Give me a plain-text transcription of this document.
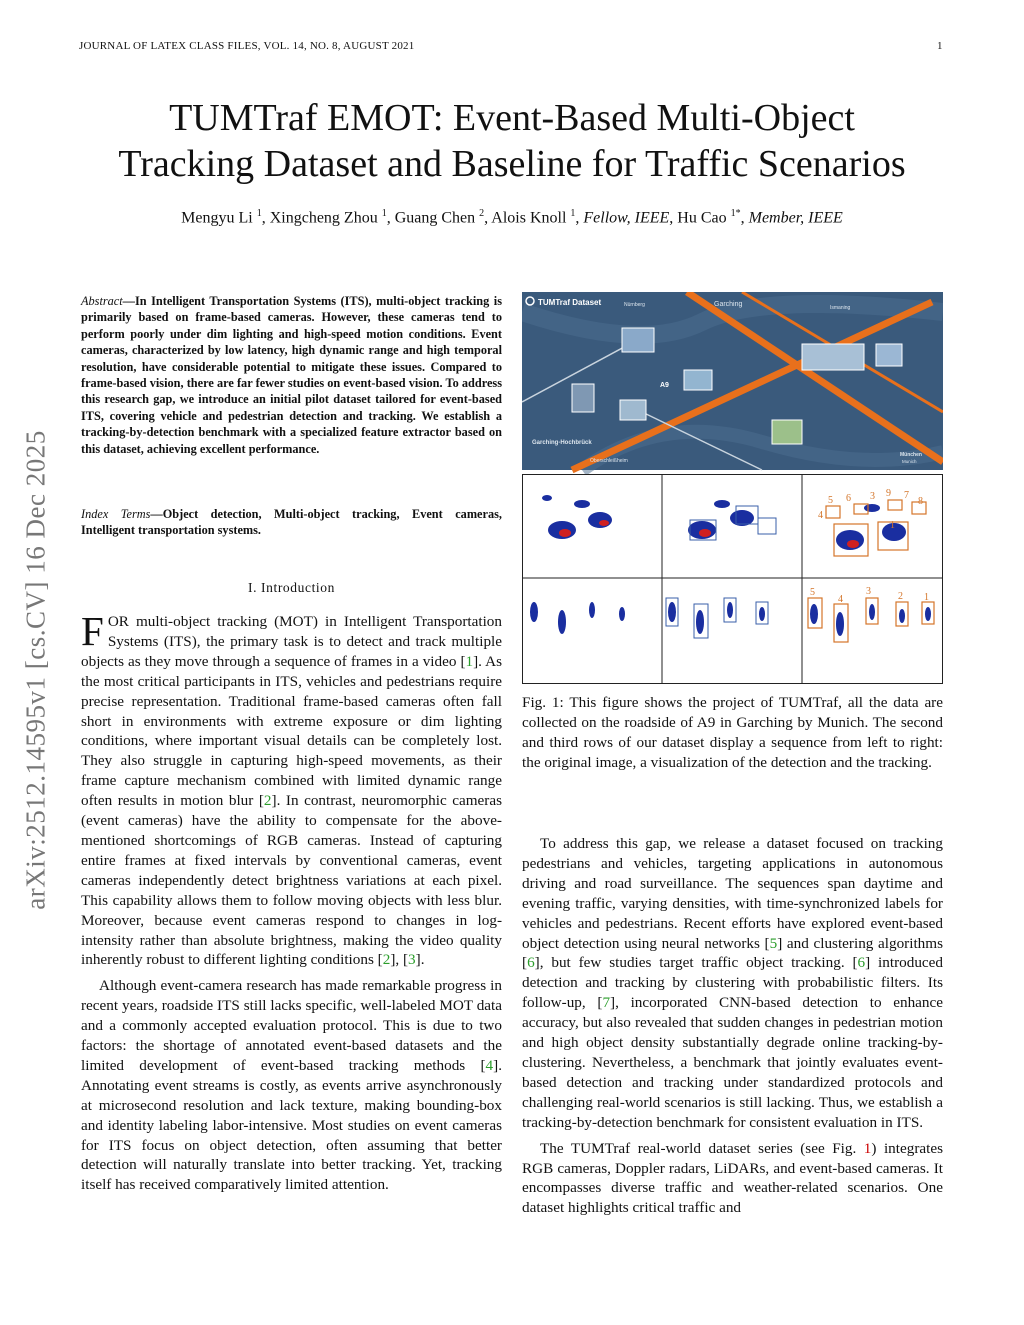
JOURNAL OF LATEX CLASS FILES, VOL. 14, NO. 8, AUGUST 2021	1
arXiv:2512.14595v1 [cs.CV] 16 Dec 2025
TUMTraf EMOT: Event-Based Multi-Object
Tracking Dataset and Baseline for Traffic Scenarios
Mengyu Li $^1$, Xingcheng Zhou $^1$, Guang Chen $^2$, Alois Knoll $^1$, Fellow, IEEE, Hu Cao $^{1*}$, Member, IEEE

Abstract—In Intelligent Transportation Systems (ITS), multi-object tracking is primarily based on frame-based cameras. However, these cameras tend to perform poorly under dim lighting and high-speed motion conditions. Event cameras, characterized by low latency, high dynamic range and high temporal resolution, have considerable potential to mitigate these issues. Compared to frame-based vision, there are far fewer studies on event-based vision. To address this research gap, we introduce an initial pilot dataset tailored for event-based ITS, covering vehicle and pedestrian detection and tracking. We establish a tracking-by-detection benchmark with a specialized feature extractor based on this dataset, achieving excellent performance.

Index Terms—Object detection, Multi-object tracking, Event cameras, Intelligent transportation systems.

I. Introduction

FOR multi-object tracking (MOT) in Intelligent Transportation Systems (ITS), the primary task is to detect and track multiple objects as they move through a sequence of frames in a video [1]. As the most critical participants in ITS, vehicles and pedestrians require precise representation. Traditional frame-based cameras often fall short in environments with extreme exposure or dim lighting conditions, where important visual details can be completely lost. They also struggle in capturing high-speed movements, as their frame capture mechanism combined with limited dynamic range often results in motion blur [2]. In contrast, neuromorphic cameras (event cameras) have the ability to compensate for the above-mentioned shortcomings of RGB cameras. Instead of capturing entire frames at fixed intervals by conventional cameras, event cameras independently detect brightness variations at each pixel. This capability allows them to follow moving objects with less blur. Moreover, because event cameras respond to changes in log-intensity rather than absolute brightness, making the video quality inherently robust to different lighting conditions [2], [3].

Although event-camera research has made remarkable progress in recent years, roadside ITS still lacks specific, well-labeled MOT data and a commonly accepted evaluation protocol. This is due to two factors: the shortage of annotated event-based datasets and the limited development of event-based tracking methods [4]. Annotating event streams is costly, as events arrive asynchronously at microsecond resolution and lack texture, making bounding-box and identity labeling labor-intensive. Most studies on event cameras for ITS focus on object detection, often assuming that better detection will naturally translate into better tracking. Yet, tracking itself has received comparatively limited attention.

TUMTraf Dataset	Garching	Ismaning
Nürnberg
Garching-Hochbrück
Oberschleißheim
München
Munich
A9
5 6 3 9 7
8
4
1
5
4
3	2 1

Fig. 1: This figure shows the project of TUMTraf, all the data are collected on the roadside of A9 in Garching by Munich. The second and third rows of our dataset display a sequence from left to right: the original image, a visualization of the detection and the tracking.

To address this gap, we release a dataset focused on tracking pedestrians and vehicles, targeting applications in autonomous driving and road surveillance. The sequences span daytime and evening traffic, varying densities, with time-synchronized labels for vehicles and pedestrians. Recent efforts have explored event-based object detection using neural networks [5] and clustering algorithms [6], but few studies target traffic object tracking. [6] introduced detection and tracking by clustering with probabilistic filters. Its follow-up, [7], incorporated CNN-based detection to enhance accuracy, but also revealed that sudden changes in pedestrian motion and high object density substantially degrade online tracking-by-clustering. Nevertheless, a benchmark that jointly evaluates event-based detection and tracking under standardized protocols and challenging real-world scenarios is still lacking. Thus, we establish a tracking-by-detection benchmark for consistent evaluation in ITS.

The TUMTraf real-world dataset series (see Fig. 1) integrates RGB cameras, Doppler radars, LiDARs, and event-based cameras. It encompasses diverse traffic and weather-related scenarios. One dataset highlights critical traffic and
